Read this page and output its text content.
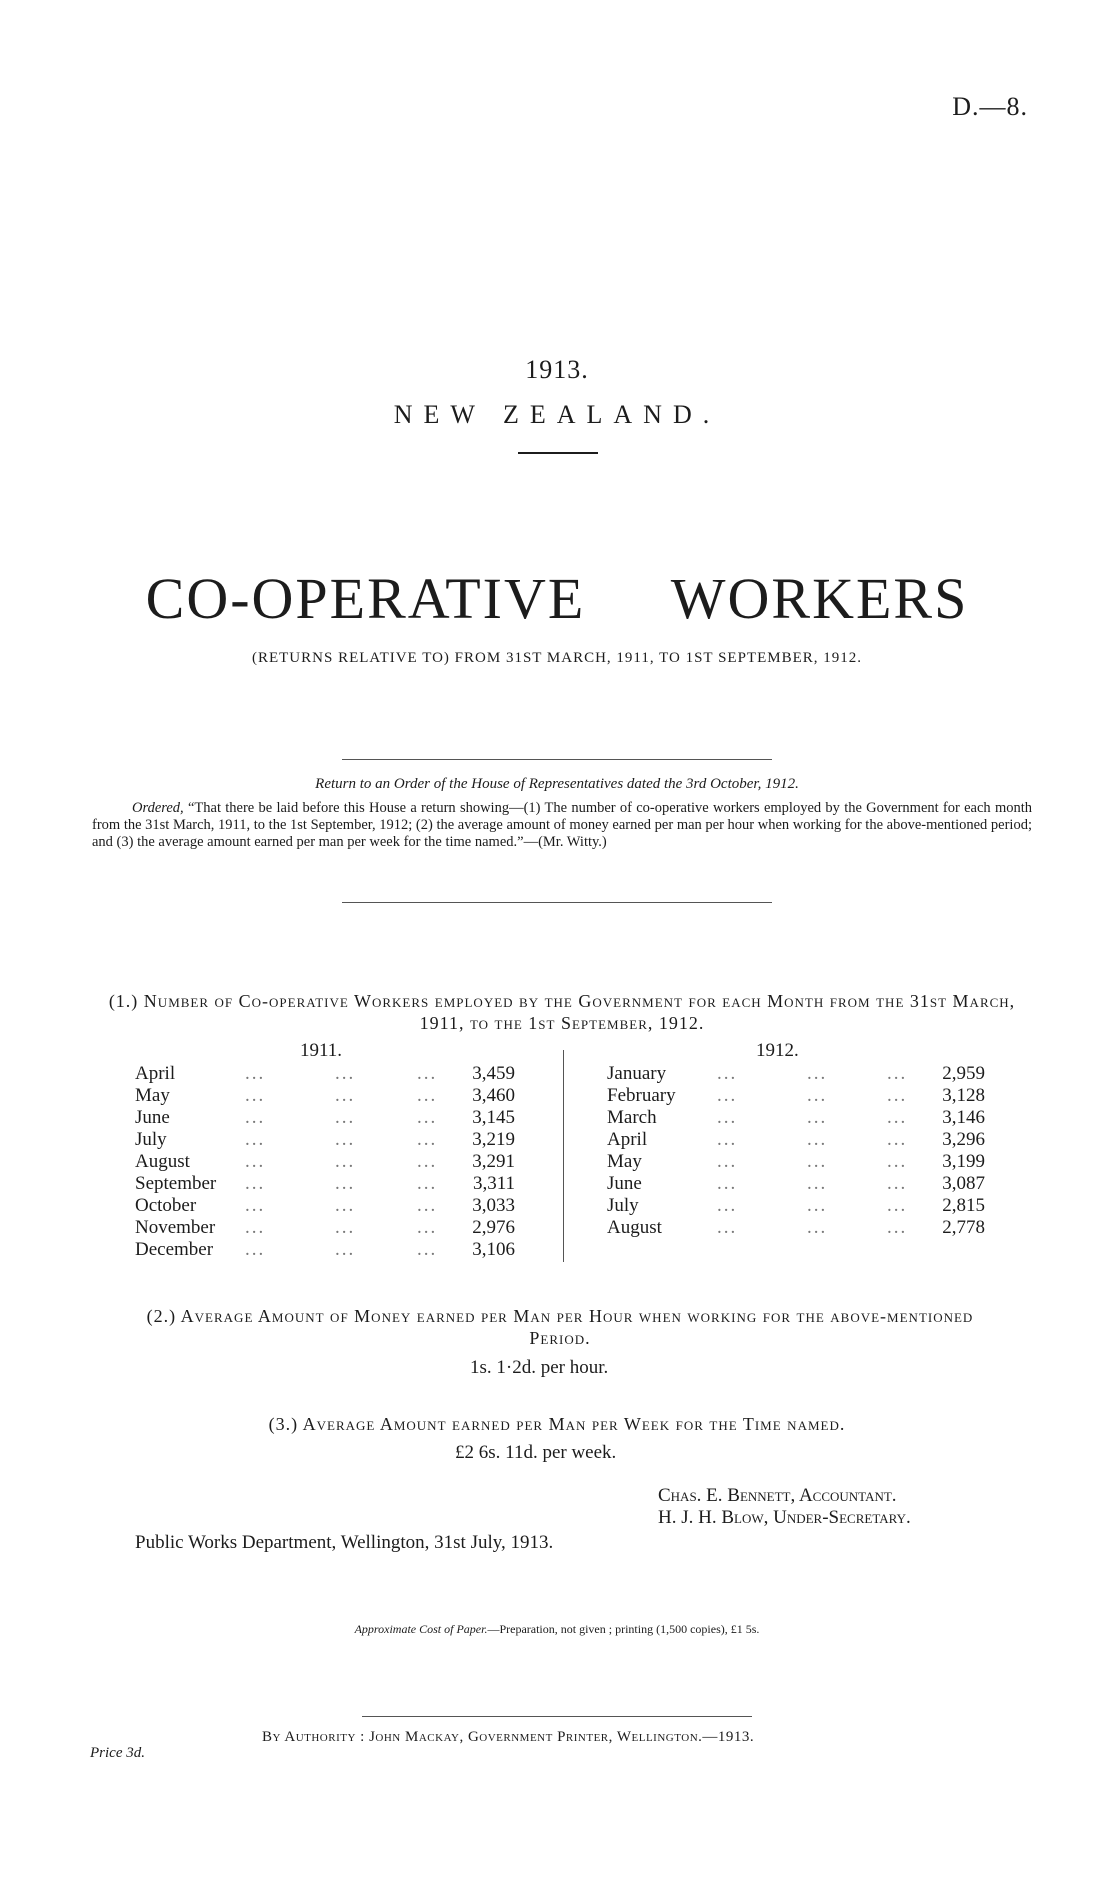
D.—8.
1913.
NEW ZEALAND.
CO-OPERATIVE WORKERS
(RETURNS RELATIVE TO) FROM 31ST MARCH, 1911, TO 1ST SEPTEMBER, 1912.
Return to an Order of the House of Representatives dated the 3rd October, 1912.
Ordered, “That there be laid before this House a return showing—(1) The number of co-operative workers employed by the Government for each month from the 31st March, 1911, to the 1st September, 1912; (2) the average amount of money earned per man per hour when working for the above-mentioned period; and (3) the average amount earned per man per week for the time named.”—(Mr. Witty.)
(1.) Number of Co-operative Workers employed by the Government for each Month from the 31st March, 1911, to the 1st September, 1912.
1911.	1912.
April	...	...	...	3,459
May	...	...	...	3,460
June	...	...	...	3,145
July	...	...	...	3,219
August	...	...	...	3,291
September ...	...	...	3,311
October	...	...	...	3,033
November ...	...	...	2,976
December ...	...	...	3,106
January	...	...	...	2,959
February ...	...	...	3,128
March	...	...	...	3,146
April	...	...	...	3,296
May	...	...	...	3,199
June	...	...	...	3,087
July	...	...	...	2,815
August	...	...	...	2,778
(2.) Average Amount of Money earned per Man per Hour when working for the above-mentioned Period.
1s. 1·2d. per hour.
(3.) Average Amount earned per Man per Week for the Time named.
£2 6s. 11d. per week.
Chas. E. Bennett, Accountant.
H. J. H. Blow, Under-Secretary.
Public Works Department, Wellington, 31st July, 1913.
Approximate Cost of Paper.—Preparation, not given ; printing (1,500 copies), £1 5s.
By Authority : John Mackay, Government Printer, Wellington.—1913.
Price 3d.
